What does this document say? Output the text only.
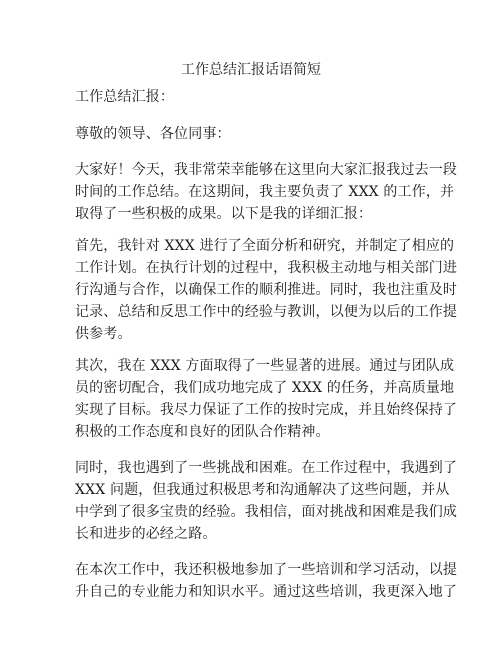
工作总结汇报话语简短
工作总结汇报：
尊敬的领导、各位同事：
大家好！今天，我非常荣幸能够在这里向大家汇报我过去一段
时间的工作总结。在这期间，我主要负责了 XXX 的工作，并
取得了一些积极的成果。以下是我的详细汇报：
首先，我针对 XXX 进行了全面分析和研究，并制定了相应的
工作计划。在执行计划的过程中，我积极主动地与相关部门进
行沟通与合作，以确保工作的顺利推进。同时，我也注重及时
记录、总结和反思工作中的经验与教训，以便为以后的工作提
供参考。
其次，我在 XXX 方面取得了一些显著的进展。通过与团队成
员的密切配合，我们成功地完成了 XXX 的任务，并高质量地
实现了目标。我尽力保证了工作的按时完成，并且始终保持了
积极的工作态度和良好的团队合作精神。
同时，我也遇到了一些挑战和困难。在工作过程中，我遇到了
XXX 问题，但我通过积极思考和沟通解决了这些问题，并从
中学到了很多宝贵的经验。我相信，面对挑战和困难是我们成
长和进步的必经之路。
在本次工作中，我还积极地参加了一些培训和学习活动，以提
升自己的专业能力和知识水平。通过这些培训，我更深入地了
